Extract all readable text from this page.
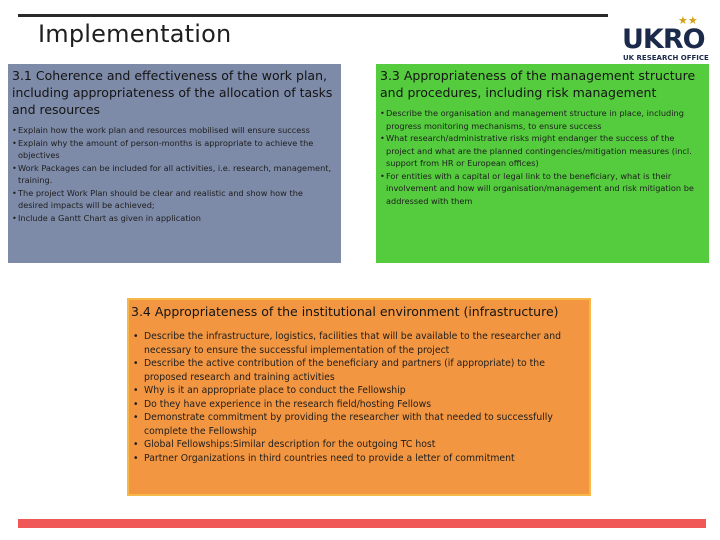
Implementation	★★
UKRO
UK RESEARCH OFFICE
3.1 Coherence and effectiveness of the work plan, including appropriateness of the allocation of tasks and resources
• Explain how the work plan and resources mobilised will ensure success
• Explain why the amount of person-months is appropriate to achieve the objectives
• Work Packages can be included for all activities, i.e. research, management, training.
• The project Work Plan should be clear and realistic and show how the desired impacts will be achieved;
• Include a Gantt Chart as given in application
3.3 Appropriateness of the management structure and procedures, including risk management
• Describe the organisation and management structure in place, including progress monitoring mechanisms, to ensure success
• What research/administrative risks might endanger the success of the project and what are the planned contingencies/mitigation measures (incl. support from HR or European offices)
• For entities with a capital or legal link to the beneficiary, what is their involvement and how will organisation/management and risk mitigation be addressed with them
3.4 Appropriateness of the institutional environment (infrastructure)
• Describe the infrastructure, logistics, facilities that will be available to the researcher and necessary to ensure the successful implementation of the project
• Describe the active contribution of the beneficiary and partners (if appropriate) to the proposed research and training activities
• Why is it an appropriate place to conduct the Fellowship
• Do they have experience in the research field/hosting Fellows
• Demonstrate commitment by providing the researcher with that needed to successfully complete the Fellowship
• Global Fellowships:Similar description for the outgoing TC host
• Partner Organizations in third countries need to provide a letter of commitment
